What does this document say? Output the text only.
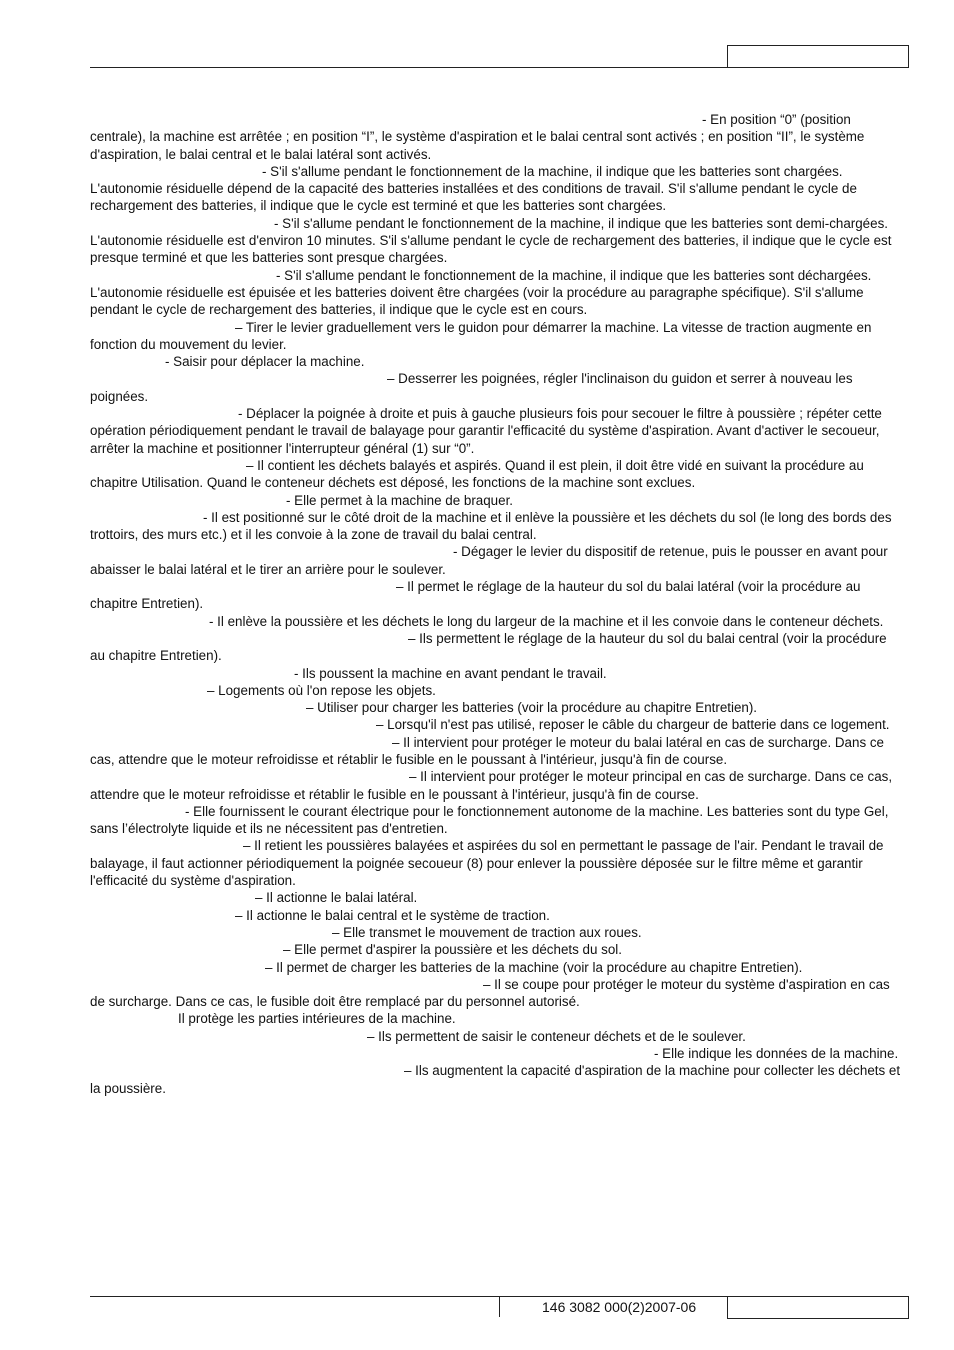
- En position “0” (position centrale), la machine est arrêtée ; en position “I”, le système d'aspiration et le balai central sont activés ; en position “II”, le système d'aspiration, le balai central et le balai latéral sont activés.

- S'il s'allume pendant le fonctionnement de la machine, il indique que les batteries sont chargées. L'autonomie résiduelle dépend de la capacité des batteries installées et des conditions de travail. S'il s'allume pendant le cycle de rechargement des batteries, il indique que le cycle est terminé et que les batteries sont chargées.

- S'il s'allume pendant le fonctionnement de la machine, il indique que les batteries sont demi-chargées. L'autonomie résiduelle est d'environ 10 minutes. S'il s'allume pendant le cycle de rechargement des batteries, il indique que le cycle est presque terminé et que les batteries sont presque chargées.

- S'il s'allume pendant le fonctionnement de la machine, il indique que les batteries sont déchargées. L'autonomie résiduelle est épuisée et les batteries doivent être chargées (voir la procédure au paragraphe spécifique). S'il s'allume pendant le cycle de rechargement des batteries, il indique que le cycle est en cours.

– Tirer le levier graduellement vers le guidon pour démarrer la machine. La vitesse de traction augmente en fonction du mouvement du levier.

- Saisir pour déplacer la machine.

– Desserrer les poignées, régler l'inclinaison du guidon et serrer à nouveau les poignées.

- Déplacer la poignée à droite et puis à gauche plusieurs fois pour secouer le filtre à poussière ; répéter cette opération périodiquement pendant le travail de balayage pour garantir l'efficacité du système d'aspiration. Avant d'activer le secoueur, arrêter la machine et positionner l'interrupteur général (1) sur “0”.

– Il contient les déchets balayés et aspirés. Quand il est plein, il doit être vidé en suivant la procédure au chapitre Utilisation. Quand le conteneur déchets est déposé, les fonctions de la machine sont exclues.

- Elle permet à la machine de braquer.

- Il est positionné sur le côté droit de la machine et il enlève la poussière et les déchets du sol (le long des bords des trottoirs, des murs etc.) et il les convoie à la zone de travail du balai central.

- Dégager le levier du dispositif de retenue, puis le pousser en avant pour abaisser le balai latéral et le tirer an arrière pour le soulever.

– Il permet le réglage de la hauteur du sol du balai latéral (voir la procédure au chapitre Entretien).

- Il enlève la poussière et les déchets le long du largeur de la machine et il les convoie dans le conteneur déchets.

– Ils permettent le réglage de la hauteur du sol du balai central (voir la procédure au chapitre Entretien).

- Ils poussent la machine en avant pendant le travail.

– Logements où l'on repose les objets.

– Utiliser pour charger les batteries (voir la procédure au chapitre Entretien).

– Lorsqu'il n'est pas utilisé, reposer le câble du chargeur de batterie dans ce logement.

– Il intervient pour protéger le moteur du balai latéral en cas de surcharge. Dans ce cas, attendre que le moteur refroidisse et rétablir le fusible en le poussant à l'intérieur, jusqu'à fin de course.

– Il intervient pour protéger le moteur principal en cas de surcharge. Dans ce cas, attendre que le moteur refroidisse et rétablir le fusible en le poussant à l'intérieur, jusqu'à fin de course.

- Elle fournissent le courant électrique pour le fonctionnement autonome de la machine. Les batteries sont du type Gel, sans l’électrolyte liquide et ils ne nécessitent pas d'entretien.

– Il retient les poussières balayées et aspirées du sol en permettant le passage de l'air. Pendant le travail de balayage, il faut actionner périodiquement la poignée secoueur (8) pour enlever la poussière déposée sur le filtre même et garantir l'efficacité du système d'aspiration.

– Il actionne le balai latéral.

– Il actionne le balai central et le système de traction.

– Elle transmet le mouvement de traction aux roues.

– Elle permet d'aspirer la poussière et les déchets du sol.

– Il permet de charger les batteries de la machine (voir la procédure au chapitre Entretien).

– Il se coupe pour protéger le moteur du système d'aspiration en cas de surcharge. Dans ce cas, le fusible doit être remplacé par du personnel autorisé.

Il protège les parties intérieures de la machine.

– Ils permettent de saisir le conteneur déchets et de le soulever.

- Elle indique les données de la machine.

– Ils augmentent la capacité d'aspiration de la machine pour collecter les déchets et la poussière.

146 3082 000(2)2007-06
